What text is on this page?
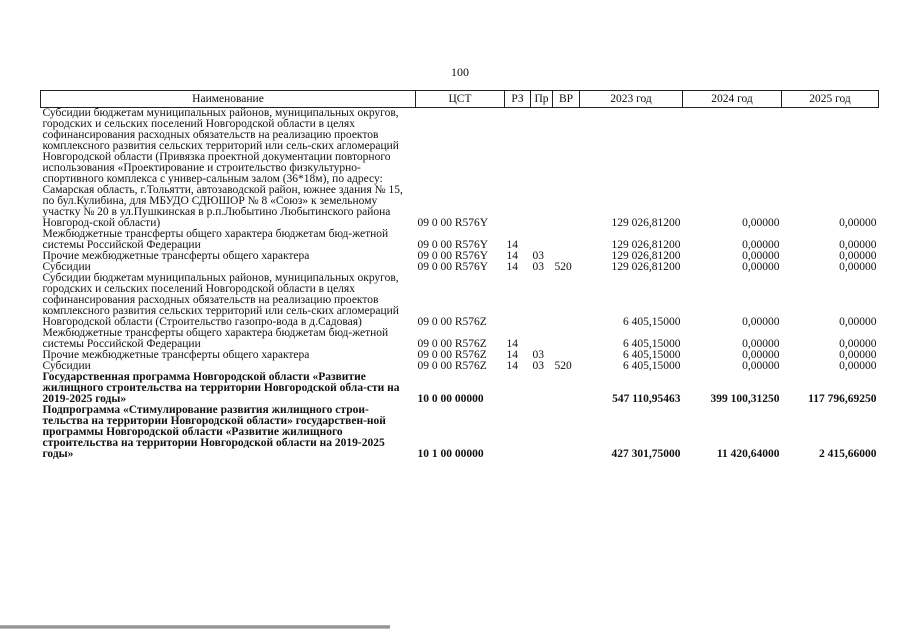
100
Наименование	ЦСТ	РЗ	Пр	ВР	2023 год	2024 год	2025 год
Субсидии бюджетам муниципальных районов, муниципальных округов, городских и сельских поселений Новгородской области в целях софинансирования расходных обязательств на реализацию проектов комплексного развития сельских территорий или сель-ских агломераций Новгородской области (Привязка проектной документации повторного использования «Проектирование и строительство физкультурно-спортивного комплекса с универ-сальным залом (36*18м), по адресу: Самарская область, г.Тольятти, автозаводской район, южнее здания № 15, по бул.Кулибина, для МБУДО СДЮШОР № 8 «Союз» к земельному участку № 20 в ул.Пушкинская в р.п.Любытино Любытинского района Новгород-ской области)	09 0 00 R576Y				129 026,81200	0,00000	0,00000
Межбюджетные трансферты общего характера бюджетам бюд-жетной системы Российской Федерации	09 0 00 R576Y	14			129 026,81200	0,00000	0,00000
Прочие межбюджетные трансферты общего характера	09 0 00 R576Y	14	03		129 026,81200	0,00000	0,00000
Субсидии	09 0 00 R576Y	14	03	520	129 026,81200	0,00000	0,00000
Субсидии бюджетам муниципальных районов, муниципальных округов, городских и сельских поселений Новгородской области в целях софинансирования расходных обязательств на реализацию проектов комплексного развития сельских территорий или сель-ских агломераций Новгородской области (Строительство газопро-вода в д.Садовая)	09 0 00 R576Z				6 405,15000	0,00000	0,00000
Межбюджетные трансферты общего характера бюджетам бюд-жетной системы Российской Федерации	09 0 00 R576Z	14			6 405,15000	0,00000	0,00000
Прочие межбюджетные трансферты общего характера	09 0 00 R576Z	14	03		6 405,15000	0,00000	0,00000
Субсидии	09 0 00 R576Z	14	03	520	6 405,15000	0,00000	0,00000
Государственная программа Новгородской области «Развитие жилищного строительства на территории Новгородской обла-сти на 2019-2025 годы»	10 0 00 00000				547 110,95463	399 100,31250	117 796,69250
Подпрограмма «Стимулирование развития жилищного строи-тельства на территории Новгородской области» государствен-ной программы Новгородской области «Развитие жилищного строительства на территории Новгородской области на 2019-2025 годы»	10 1 00 00000				427 301,75000	11 420,64000	2 415,66000
